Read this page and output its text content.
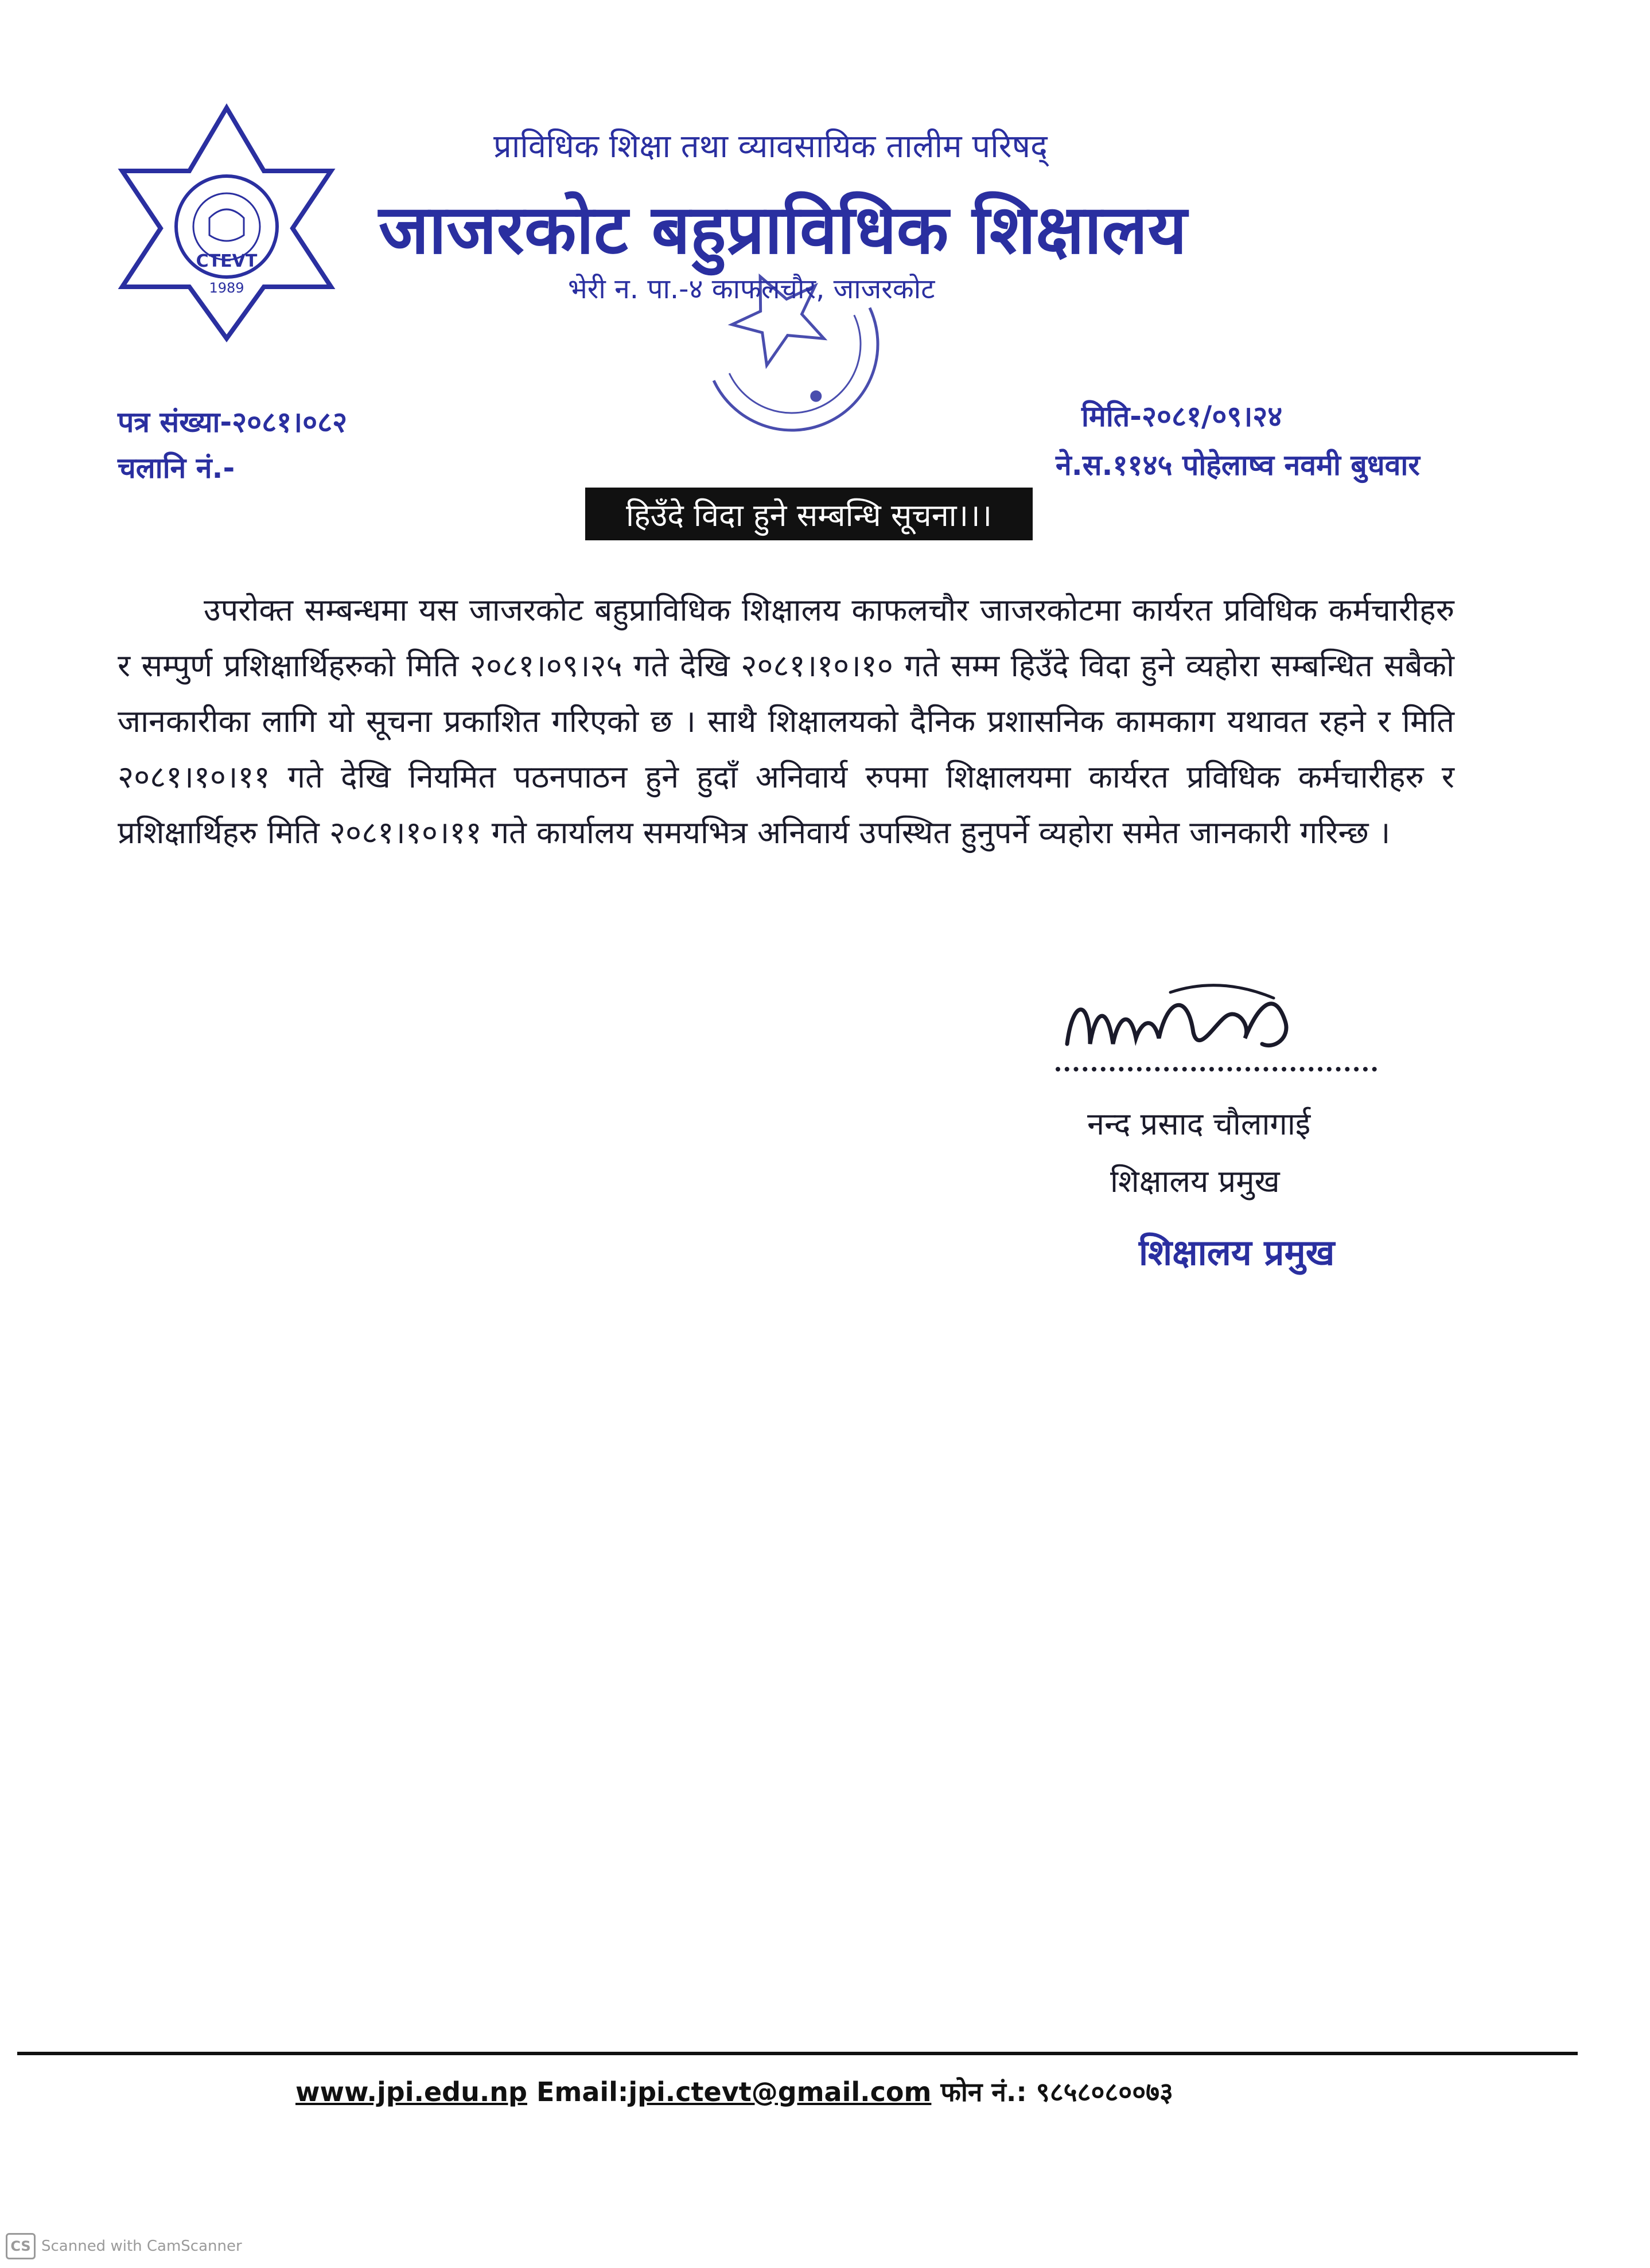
CTEVT
1989
प्राविधिक शिक्षा तथा व्यावसायिक तालीम परिषद्
जाजरकोट बहुप्राविधिक शिक्षालय
भेरी न. पा.-४ काफलचौर, जाजरकोट
पत्र संख्या-२०८१।०८२
चलानि नं.-
मिति-२०८१/०९।२४
ने.स.११४५ पोहेलाष्व नवमी बुधवार
हिउँदे विदा हुने सम्बन्धि सूचना।।।
उपरोक्त सम्बन्धमा यस जाजरकोट बहुप्राविधिक शिक्षालय काफलचौर जाजरकोटमा कार्यरत प्रविधिक कर्मचारीहरु र सम्पुर्ण प्रशिक्षार्थिहरुको मिति २०८१।०९।२५ गते देखि २०८१।१०।१० गते सम्म हिउँदे विदा हुने व्यहोरा सम्बन्धित सबैको जानकारीका लागि यो सूचना प्रकाशित गरिएको छ । साथै शिक्षालयको दैनिक प्रशासनिक कामकाग यथावत रहने र मिति २०८१।१०।११ गते देखि नियमित पठनपाठन हुने हुदाँ अनिवार्य रुपमा शिक्षालयमा कार्यरत प्रविधिक कर्मचारीहरु र प्रशिक्षार्थिहरु मिति २०८१।१०।११ गते कार्यालय समयभित्र अनिवार्य उपस्थित हुनुपर्ने व्यहोरा समेत जानकारी गरिन्छ ।
नन्द प्रसाद चौलागाई
शिक्षालय प्रमुख
शिक्षालय प्रमुख
www.jpi.edu.np Email:jpi.ctevt@gmail.com फोन नं.: ९८५८०८००७३
CS Scanned with CamScanner
